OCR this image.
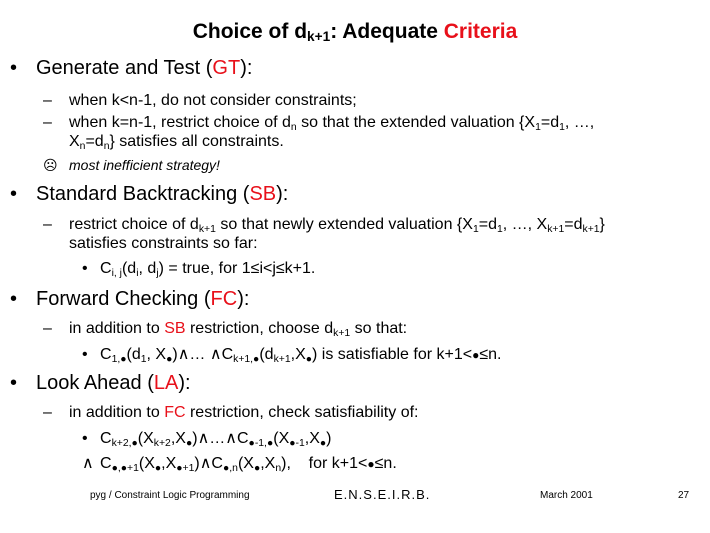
Choice of $d_{k+1}$: Adequate Criteria
• Generate and Test (GT):
– when k<n-1, do not consider constraints;
– when k=n-1, restrict choice of $d_n$ so that the extended valuation {$X_1=d_1$, …,
$X_n=d_n$} satisfies all constraints.
☹ most inefficient strategy!
• Standard Backtracking (SB):
– restrict choice of $d_{k+1}$ so that newly extended valuation {$X_1=d_1$, …, $X_{k+1}=d_{k+1}$}
satisfies constraints so far:
• $C_{i, j}(d_i$, $d_j$) = true, for 1≤i<j≤k+1.
• Forward Checking (FC):
– in addition to SB restriction, choose $d_{k+1}$ so that:
• $C_{1,●}(d_1$, $X_●)\wedge\dots$ $\wedge C_{k+1,●}(d_{k+1},X_●)$ is satisfiable for k+1<●≤n.
• Look Ahead (LA):
– in addition to FC restriction, check satisfiability of:
• $C_{k+2,●}(X_{k+2},X_●)\wedge\dots\wedge C_{●-1,●}(X_{●-1},X_●)$
∧ $C_{●,●+1}(X_●,X_{●+1})\wedge C_{●,n}(X_●,X_n)$,    for k+1<●≤n.
pyg / Constraint Logic Programming	E.N.S.E.I.R.B.	March 2001	27
